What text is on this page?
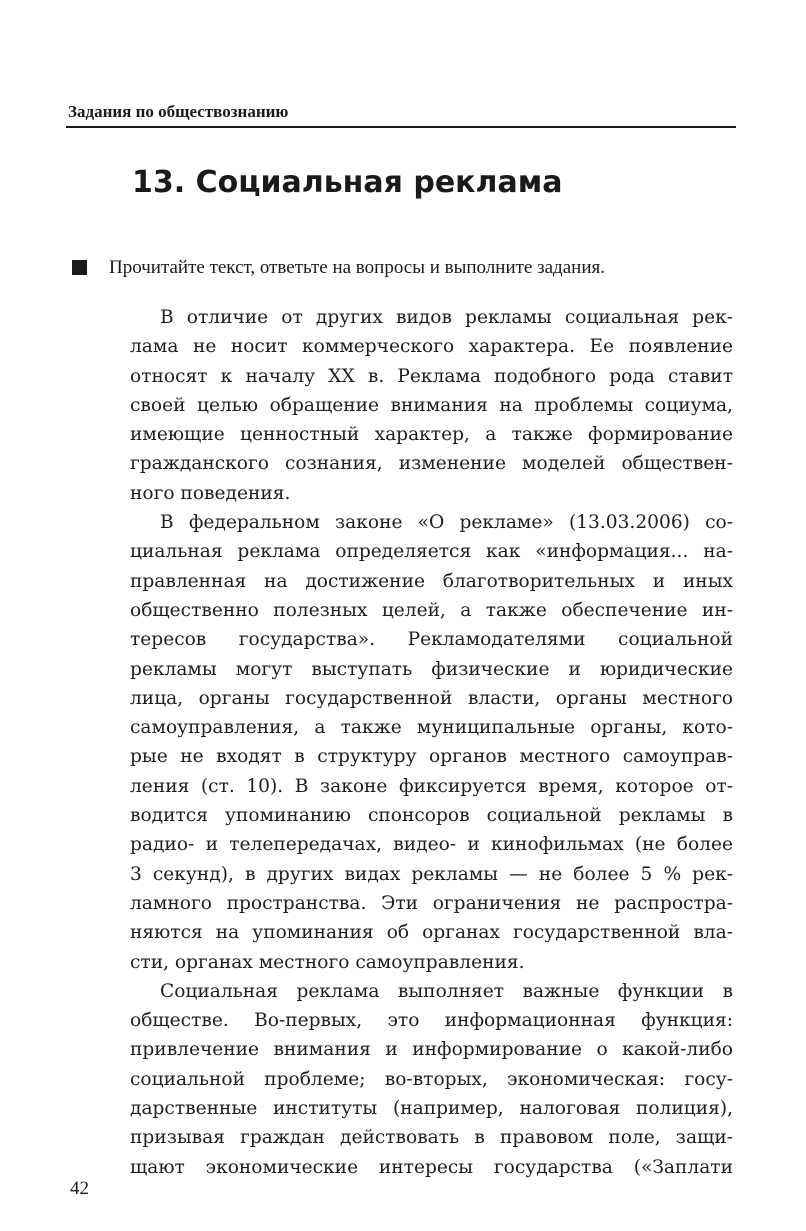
Задания по обществознанию
13. Социальная реклама
Прочитайте текст, ответьте на вопросы и выполните задания.
В отличие от других видов рекламы социальная рек-
лама не носит коммерческого характера. Ее появление
относят к началу XX в. Реклама подобного рода ставит
своей целью обращение внимания на проблемы социума,
имеющие ценностный характер, а также формирование
гражданского сознания, изменение моделей обществен-
ного поведения.
В федеральном законе «О рекламе» (13.03.2006) со-
циальная реклама определяется как «информация... на-
правленная на достижение благотворительных и иных
общественно полезных целей, а также обеспечение ин-
тересов государства». Рекламодателями социальной
рекламы могут выступать физические и юридические
лица, органы государственной власти, органы местного
самоуправления, а также муниципальные органы, кото-
рые не входят в структуру органов местного самоуправ-
ления (ст. 10). В законе фиксируется время, которое от-
водится упоминанию спонсоров социальной рекламы в
радио- и телепередачах, видео- и кинофильмах (не более
3 секунд), в других видах рекламы — не более 5 % рек-
ламного пространства. Эти ограничения не распростра-
няются на упоминания об органах государственной вла-
сти, органах местного самоуправления.
Социальная реклама выполняет важные функции в
обществе. Во-первых, это информационная функция:
привлечение внимания и информирование о какой-либо
социальной проблеме; во-вторых, экономическая: госу-
дарственные институты (например, налоговая полиция),
призывая граждан действовать в правовом поле, защи-
щают экономические интересы государства («Заплати
42
